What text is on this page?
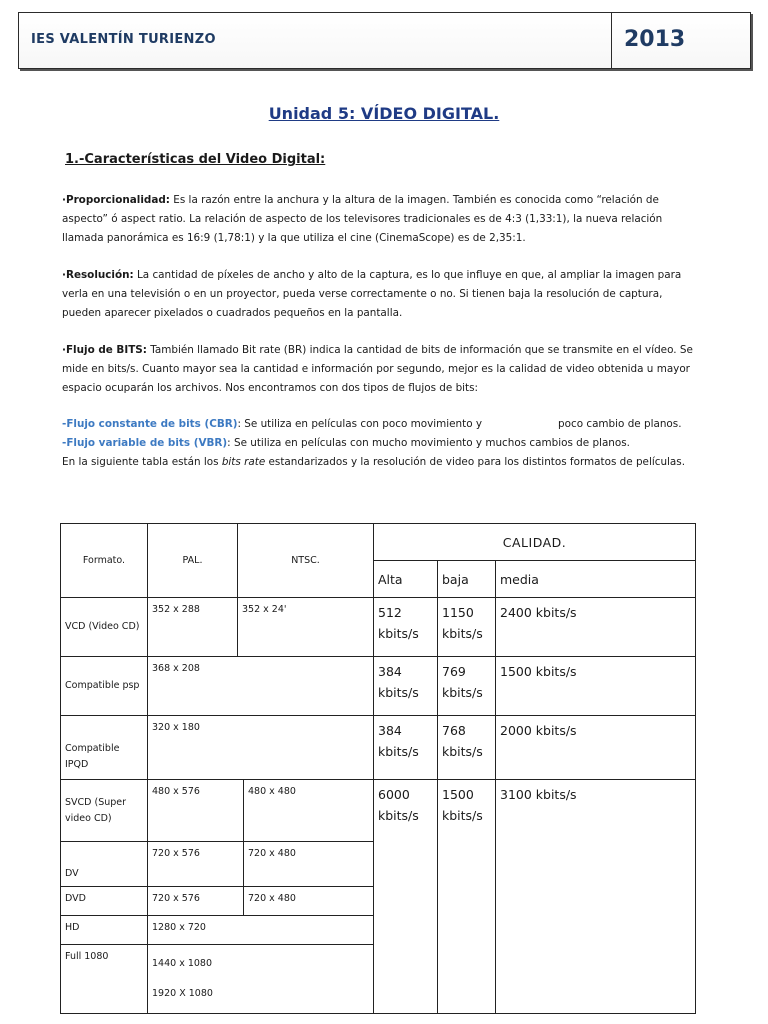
IES VALENTÍN TURIENZO	2013
Unidad 5: VÍDEO DIGITAL.
1.-Características del Video Digital:
·Proporcionalidad: Es la razón entre la anchura y la altura de la imagen. También es conocida como “relación de aspecto” ó aspect ratio. La relación de aspecto de los televisores tradicionales es de 4:3 (1,33:1), la nueva relación llamada panorámica es 16:9 (1,78:1) y la que utiliza el cine (CinemaScope) es de 2,35:1.
·Resolución: La cantidad de píxeles de ancho y alto de la captura, es lo que influye en que, al ampliar la imagen para verla en una televisión o en un proyector, pueda verse correctamente o no. Si tienen baja la resolución de captura, pueden aparecer pixelados o cuadrados pequeños en la pantalla.
·Flujo de BITS: También llamado Bit rate (BR) indica la cantidad de bits de información que se transmite en el vídeo. Se mide en bits/s. Cuanto mayor sea la cantidad e información por segundo, mejor es la calidad de video obtenida u mayor espacio ocuparán los archivos. Nos encontramos con dos tipos de flujos de bits:
-Flujo constante de bits (CBR): Se utiliza en películas con poco movimiento y	poco cambio de planos.
-Flujo variable de bits (VBR): Se utiliza en películas con mucho movimiento y muchos cambios de planos.
En la siguiente tabla están los bits rate estandarizados y la resolución de video para los distintos formatos de películas.
Formato.	PAL.	NTSC.		CALIDAD.		
				Alta	baja	media
VCD (Video CD)	352 x 288	352 x 24'		512 kbits/s	1150 kbits/s	2400 kbits/s
Compatible psp	368 x 208			384 kbits/s	769 kbits/s	1500 kbits/s
Compatible IPQD	320 x 180			384 kbits/s	768 kbits/s	2000 kbits/s
SVCD (Super video CD)	480 x 576		480 x 480	6000 kbits/s	1500 kbits/s	3100 kbits/s
DV	720 x 576		720 x 480			
DVD	720 x 576		720 x 480			
HD	1280 x 720					
Full 1080	1440 x 1080
1920 X 1080					
